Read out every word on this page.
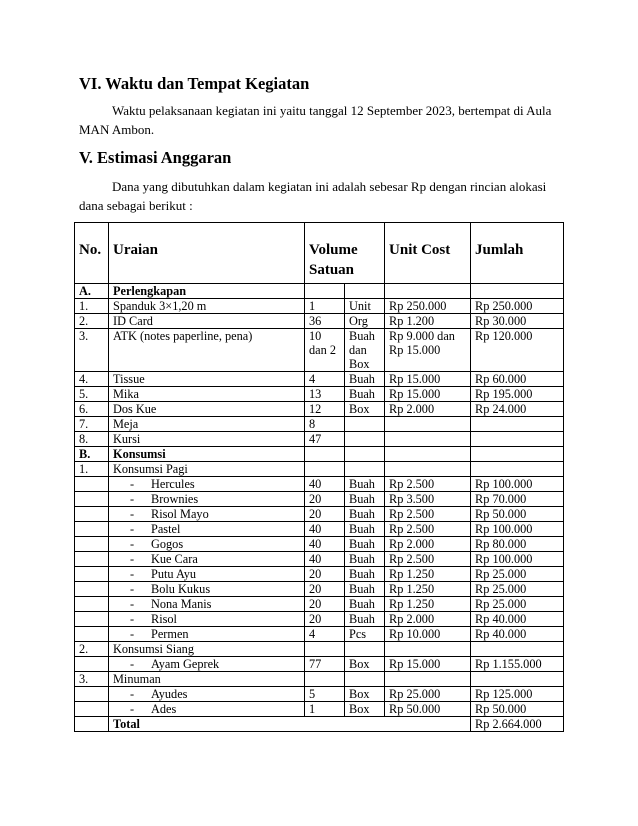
VI. Waktu dan Tempat Kegiatan

Waktu pelaksanaan kegiatan ini yaitu tanggal 12 September 2023, bertempat di Aula MAN Ambon.

V. Estimasi Anggaran

Dana yang dibutuhkan dalam kegiatan ini adalah sebesar Rp dengan rincian alokasi dana sebagai berikut :

No.	Uraian	Volume Satuan		Unit Cost	Jumlah
A.	Perlengkapan				
1.	Spanduk 3×1,20 m	1	Unit	Rp 250.000	Rp 250.000
2.	ID Card	36	Org	Rp 1.200	Rp 30.000
3.	ATK (notes paperline, pena)	10 dan 2	Buah dan Box	Rp 9.000 dan Rp 15.000	Rp 120.000
4.	Tissue	4	Buah	Rp 15.000	Rp 60.000
5.	Mika	13	Buah	Rp 15.000	Rp 195.000
6.	Dos Kue	12	Box	Rp 2.000	Rp 24.000
7.	Meja	8			
8.	Kursi	47			
B.	Konsumsi				
1.	Konsumsi Pagi				
	- Hercules	40	Buah	Rp 2.500	Rp 100.000
	- Brownies	20	Buah	Rp 3.500	Rp 70.000
	- Risol Mayo	20	Buah	Rp 2.500	Rp 50.000
	- Pastel	40	Buah	Rp 2.500	Rp 100.000
	- Gogos	40	Buah	Rp 2.000	Rp 80.000
	- Kue Cara	40	Buah	Rp 2.500	Rp 100.000
	- Putu Ayu	20	Buah	Rp 1.250	Rp 25.000
	- Bolu Kukus	20	Buah	Rp 1.250	Rp 25.000
	- Nona Manis	20	Buah	Rp 1.250	Rp 25.000
	- Risol	20	Buah	Rp 2.000	Rp 40.000
	- Permen	4	Pcs	Rp 10.000	Rp 40.000
2.	Konsumsi Siang				
	- Ayam Geprek	77	Box	Rp 15.000	Rp 1.155.000
3.	Minuman				
	- Ayudes	5	Box	Rp 25.000	Rp 125.000
	- Ades	1	Box	Rp 50.000	Rp 50.000
	Total				Rp 2.664.000
